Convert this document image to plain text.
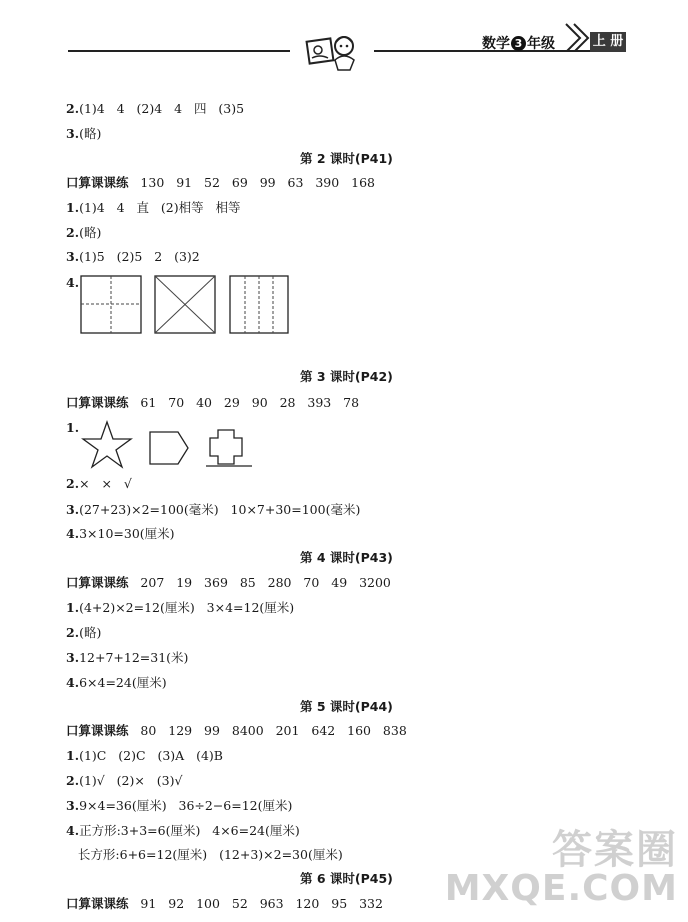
数学 3 年级	上 册
2.(1)4   4   (2)4   4   四   (3)5
3.(略)
第 2 课时(P41)
口算课课练   130   91   52   69   99   63   390   168
1.(1)4   4   直   (2)相等   相等
2.(略)
3.(1)5   (2)5   2   (3)2
4.
第 3 课时(P42)
口算课课练   61   70   40   29   90   28   393   78
1.
2.×   ×   √
3.(27+23)×2=100(毫米)   10×7+30=100(毫米)
4.3×10=30(厘米)
第 4 课时(P43)
口算课课练   207   19   369   85   280   70   49   3200
1.(4+2)×2=12(厘米)   3×4=12(厘米)
2.(略)
3.12+7+12=31(米)
4.6×4=24(厘米)
第 5 课时(P44)
口算课课练   80   129   99   8400   201   642   160   838
1.(1)C   (2)C   (3)A   (4)B
2.(1)√   (2)×   (3)√
3.9×4=36(厘米)   36÷2−6=12(厘米)
4.正方形:3+3=6(厘米)   4×6=24(厘米)
长方形:6+6=12(厘米)   (12+3)×2=30(厘米)
第 6 课时(P45)
口算课课练   91   92   100   52   963   120   95   332
答案圈
MXQE.COM
